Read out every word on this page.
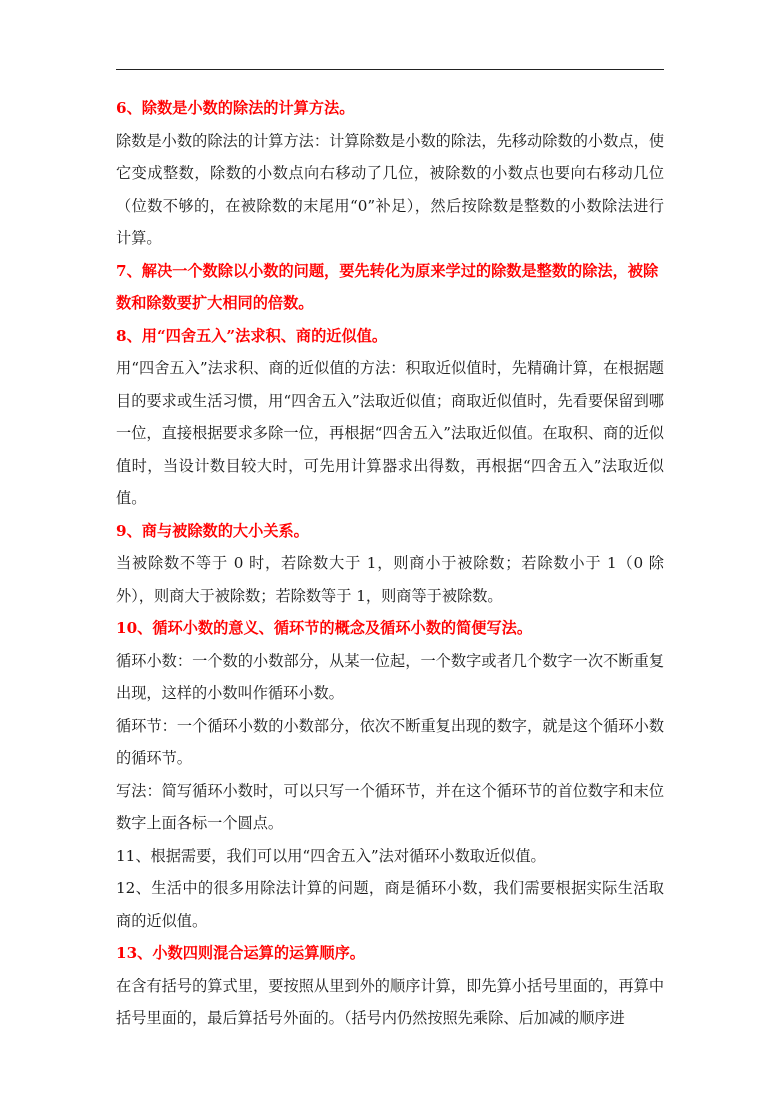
6、除数是小数的除法的计算方法。

除数是小数的除法的计算方法：计算除数是小数的除法，先移动除数的小数点，使它变成整数，除数的小数点向右移动了几位，被除数的小数点也要向右移动几位（位数不够的，在被除数的末尾用“0”补足），然后按除数是整数的小数除法进行计算。

7、解决一个数除以小数的问题，要先转化为原来学过的除数是整数的除法，被除数和除数要扩大相同的倍数。

8、用“四舍五入”法求积、商的近似值。

用“四舍五入”法求积、商的近似值的方法：积取近似值时，先精确计算，在根据题目的要求或生活习惯，用“四舍五入”法取近似值；商取近似值时，先看要保留到哪一位，直接根据要求多除一位，再根据“四舍五入”法取近似值。在取积、商的近似值时，当设计数目较大时，可先用计算器求出得数，再根据“四舍五入”法取近似值。

9、商与被除数的大小关系。

当被除数不等于 0 时，若除数大于 1，则商小于被除数；若除数小于 1（0 除外），则商大于被除数；若除数等于 1，则商等于被除数。

10、循环小数的意义、循环节的概念及循环小数的简便写法。

循环小数：一个数的小数部分，从某一位起，一个数字或者几个数字一次不断重复出现，这样的小数叫作循环小数。

循环节：一个循环小数的小数部分，依次不断重复出现的数字，就是这个循环小数的循环节。

写法：简写循环小数时，可以只写一个循环节，并在这个循环节的首位数字和末位数字上面各标一个圆点。

11、根据需要，我们可以用“四舍五入”法对循环小数取近似值。

12、生活中的很多用除法计算的问题，商是循环小数，我们需要根据实际生活取商的近似值。

13、小数四则混合运算的运算顺序。

在含有括号的算式里，要按照从里到外的顺序计算，即先算小括号里面的，再算中括号里面的，最后算括号外面的。（括号内仍然按照先乘除、后加减的顺序进
